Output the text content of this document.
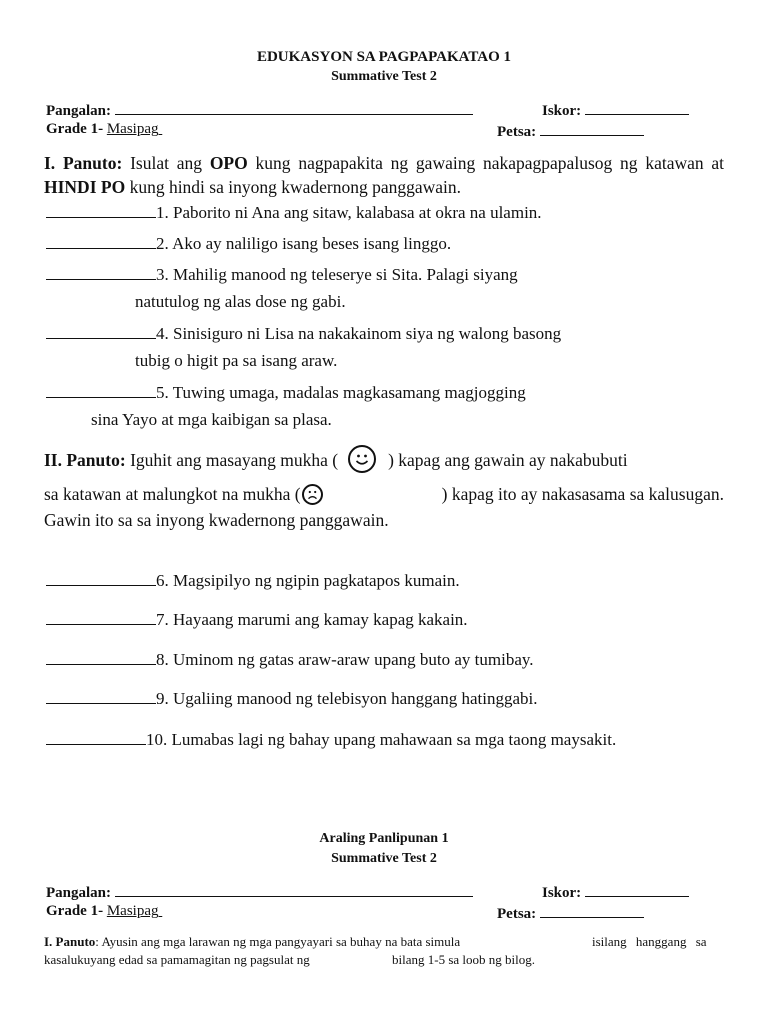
EDUKASYON SA PAGPAPAKATAO 1
Summative Test 2
Pangalan:	Iskor:
Grade 1- Masipag	Petsa:
I. Panuto: Isulat ang OPO kung nagpapakita ng gawaing nakapagpapalusog ng katawan at HINDI PO kung hindi sa inyong kwadernong panggawain.
1. Paborito ni Ana ang sitaw, kalabasa at okra na ulamin.
2. Ako ay naliligo isang beses isang linggo.
3. Mahilig manood ng teleserye si Sita. Palagi siyang
natutulog ng alas dose ng gabi.
4. Sinisiguro ni Lisa na nakakainom siya ng walong basong
tubig o higit pa sa isang araw.
5. Tuwing umaga, madalas magkasamang magjogging
sina Yayo at mga kaibigan sa plasa.
II. Panuto: Iguhit ang masayang mukha (	) kapag ang gawain ay nakabubuti
sa katawan at malungkot na mukha (	) kapag ito ay nakasasama sa kalusugan.
Gawin ito sa sa inyong kwadernong panggawain.
6. Magsipilyo ng ngipin pagkatapos kumain.
7. Hayaang marumi ang kamay kapag kakain.
8. Uminom ng gatas araw-araw upang buto ay tumibay.
9. Ugaliing manood ng telebisyon hanggang hatinggabi.
10. Lumabas lagi ng bahay upang mahawaan sa mga taong maysakit.
Araling Panlipunan 1
Summative Test 2
Pangalan:	Iskor:
Grade 1- Masipag	Petsa:
I. Panuto: Ayusin ang mga larawan ng mga pangyayari sa buhay na bata simula	isilang hanggang sa
kasalukuyang edad sa pamamagitan ng pagsulat ng	bilang 1-5 sa loob ng bilog.
